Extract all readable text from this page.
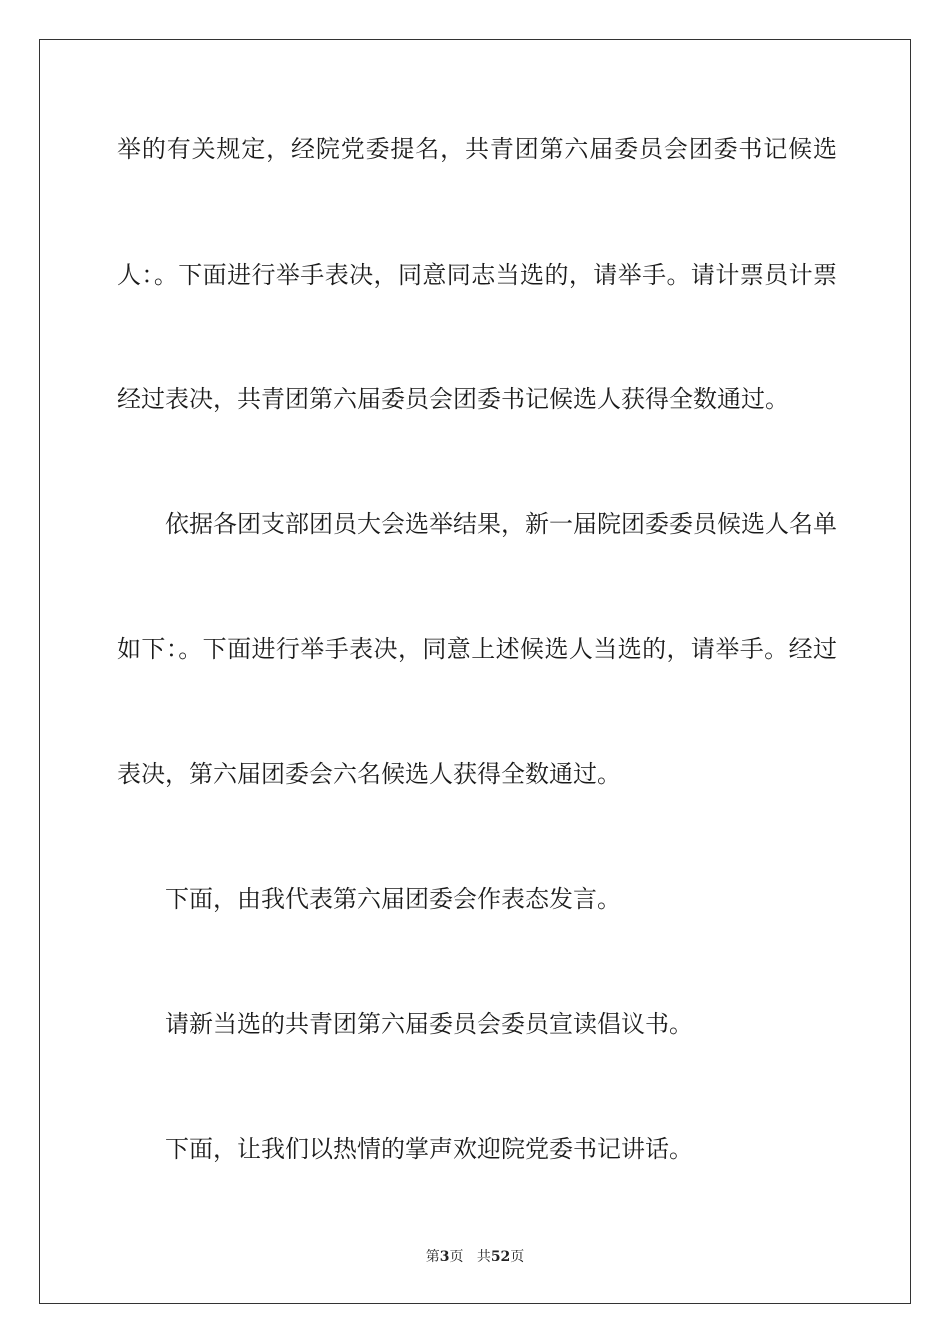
举的有关规定，经院党委提名，共青团第六届委员会团委书记候选
人：。下面进行举手表决，同意同志当选的，请举手。请计票员计票
经过表决，共青团第六届委员会团委书记候选人获得全数通过。
依据各团支部团员大会选举结果，新一届院团委委员候选人名单
如下：。下面进行举手表决，同意上述候选人当选的，请举手。经过
表决，第六届团委会六名候选人获得全数通过。
下面，由我代表第六届团委会作表态发言。
请新当选的共青团第六届委员会委员宣读倡议书。
下面，让我们以热情的掌声欢迎院党委书记讲话。
第3页 共52页
